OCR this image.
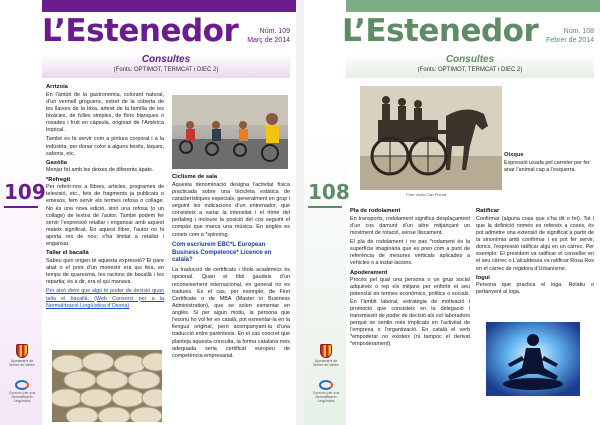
109
Ajuntament de Mollet del Vallès
Consorci per a la Normalització Lingüística
L’Estenedor	Núm. 109
Març de 2014
Consultes
(Fonts: OPTIMOT, TERMCAT i DIEC 2)
Arrtzoia

En l’àmbit de la gastronomia, colorant natural, d’un vermell groguenc, extret de la coberta de les llavors de la bixa, arbret de la família de les bixàcies, de fulles simples, de flors blanques o rosades i fruit en càpsula, originari de l’Amèrica tropical.

També es fa servir com a pintura corporal i a la indústria, per donar color a alguns teixits, laques, sabons, etc.

Gasòlia

Menjar fet amb les deixes de diferents àpats.

*Refregit

Per referir-nos a llibres, articles, programes de televisió, etc., fets de fragments ja publicats o emesos, fem servir els termes refosa o collage. No és una nova edició, sinó una refosa (o un collage) de textos de l’autor. També podem fer servir l’expressió retallar i enganxar amb aquest mateix significat. En aquest llibre, l’autor no hi aporta res de nou; s’ha limitat a retallar i enganxar.

Tallar el bacallà

Sabeu quin origen té aquesta expressió? El pare abat o el prior d’un monestir era qui feia, en temps de quaresma, les racions de bacallà i les repartia; és a dir, era el qui manava.

Per això diem que algú té poder de decisió quan talla el bacallà. (Web Consorci per a la Normalització Lingüística d’Osona)

Ciclisme de sala

Aquesta denominació designa l’activitat física practicada sobre una bicicleta estàtica de característiques especials, generalment en grup i seguint les indicacions d’un entrenador, que consisteix a variar la intensitat i el ritme del pedaleig i incloure la posició del cos seguint el compàs que marca una música. En anglès es coneix com a *spinning.

Com escriurem EBC*L European Business Competence* Licence en català?

La traducció de certificats i títols acadèmics és opcional. Quan el títol gaudeix d’un reconeixement internacional, en general no es tradueix. Es el cas, per exemple, de First Certificate o de MBA (Master in Business Administration), que se solen esmentar en anglès. Si per algun motiu, la persona que l’esoriu ho vol fer en català, pot esmentar-la en la llengua original, però acompanyant-la d’una traducció entre parèntesis. En el cas concret que planteja aquesta consulta, la forma catalana més adequada seria certificat europeu de competència empresarial.

108
Ajuntament de Mollet del Vallès
Consorci per a la Normalització Lingüística
L’Estenedor	Núm. 108
Febrer de 2014
Consultes
(Fonts: OPTIMOT, TERMCAT i DIEC 2)
Foto: Arxiu Can Pucuà
Oixque

Expressió usada pel carreter per fer anar l’animal cap a l’esquerra.

Pla de rodolament

En transports, rodolament significa desplaçament d’un cos damunt d’un altre mitjançant un moviment de rotació, sense lliscament.

El pla de rodolament i no pas *rodament és la superfície imaginària que es pren com a punt de referència de mesures verticals aplicades a vehicles o a instal·lacions.

Apoderament

Procés pel qual una persona o un grup social adquireix o rep els mitjans per enfortir el seu potencial en termes econòmics, polítics o socials. En l’àmbit laboral, estratègia de motivació i promoció que consisteix en la delegació i transmissió de poder de decisió als col·laboradors perquè se sentin més implicats en l’activitat de l’empresa o l’organització. En català el verb *empoderar no existeix (ni tampoc el derivat *empoderament).

Ratificar

Confirmar (alguna cosa que s’ha dit o fet). Tot i que la definició només es refereix a coses, és pot admetre una extensió de significat a partir de la sinonímia amb confirmar i es pot fer servir, doncs, l’expressió ratificar algú en un càrrec. Per exemple: El president va ratificar el conseller en el seu càrrec o L’alcaldessa va ratificar Rosa Ros en el càrrec de regidora d’Urbanisme.

Iogui

Persona que practica el ioga. Relatiu o pertanyent al ioga.
